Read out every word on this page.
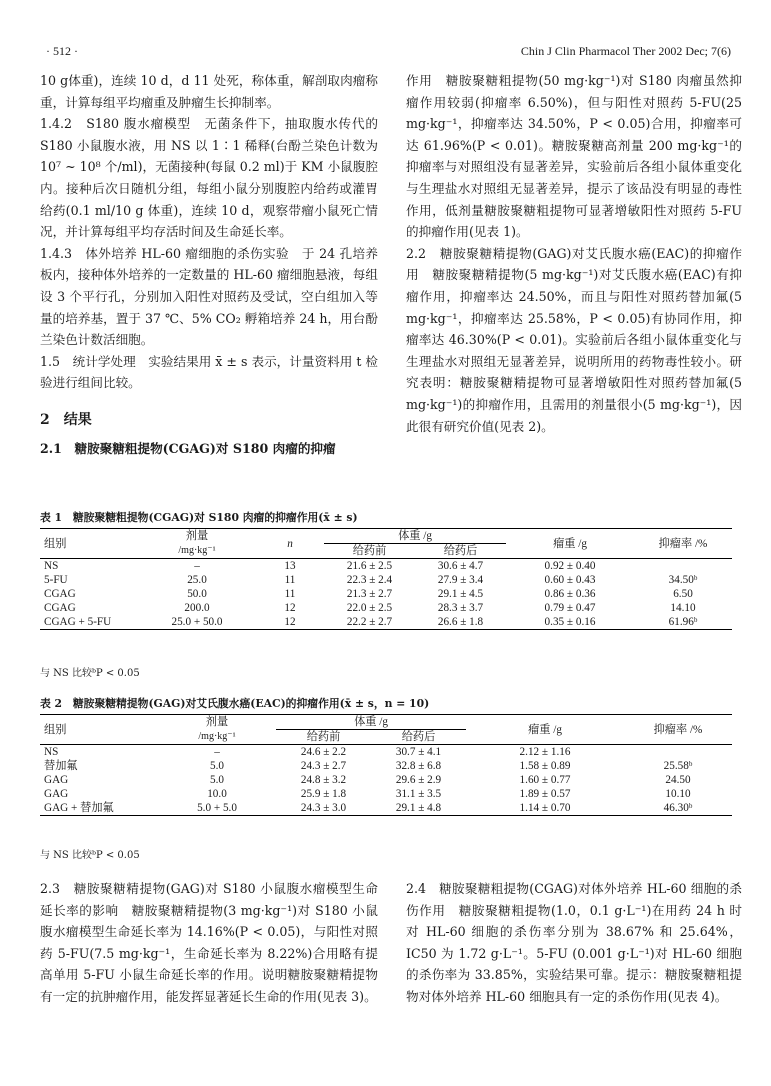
· 512 ·	Chin J Clin Pharmacol Ther 2002 Dec; 7(6)

10 g体重)，连续 10 d，d 11 处死，称体重，解剖取肉瘤称重，计算每组平均瘤重及肿瘤生长抑制率。

1.4.2　S180 腹水瘤模型　无菌条件下，抽取腹水传代的 S180 小鼠腹水液，用 NS 以 1∶1 稀释(台酚兰染色计数为 10⁷ ~ 10⁸ 个/ml)，无菌接种(每鼠 0.2 ml)于 KM 小鼠腹腔内。接种后次日随机分组，每组小鼠分别腹腔内给药或灌胃给药(0.1 ml/10 g 体重)，连续 10 d，观察带瘤小鼠死亡情况，并计算每组平均存活时间及生命延长率。

1.4.3　体外培养 HL-60 瘤细胞的杀伤实验　于 24 孔培养板内，接种体外培养的一定数量的 HL-60 瘤细胞悬液，每组设 3 个平行孔，分别加入阳性对照药及受试，空白组加入等量的培养基，置于 37 ℃、5% CO₂ 孵箱培养 24 h，用台酚兰染色计数活细胞。

1.5　统计学处理　实验结果用 x̄ ± s 表示，计量资料用 t 检验进行组间比较。

2　结果

2.1　糖胺聚糖粗提物(CGAG)对 S180 肉瘤的抑瘤

作用　糖胺聚糖粗提物(50 mg·kg⁻¹)对 S180 肉瘤虽然抑瘤作用较弱(抑瘤率 6.50%)，但与阳性对照药 5-FU(25 mg·kg⁻¹，抑瘤率达 34.50%，P < 0.05)合用，抑瘤率可达 61.96%(P < 0.01)。糖胺聚糖高剂量 200 mg·kg⁻¹的抑瘤率与对照组没有显著差异，实验前后各组小鼠体重变化与生理盐水对照组无显著差异，提示了该品没有明显的毒性作用，低剂量糖胺聚糖粗提物可显著增敏阳性对照药 5-FU 的抑瘤作用(见表 1)。

2.2　糖胺聚糖精提物(GAG)对艾氏腹水癌(EAC)的抑瘤作用　糖胺聚糖精提物(5 mg·kg⁻¹)对艾氏腹水癌(EAC)有抑瘤作用，抑瘤率达 24.50%，而且与阳性对照药替加氟(5 mg·kg⁻¹，抑瘤率达 25.58%，P < 0.05)有协同作用，抑瘤率达 46.30%(P < 0.01)。实验前后各组小鼠体重变化与生理盐水对照组无显著差异，说明所用的药物毒性较小。研究表明：糖胺聚糖精提物可显著增敏阳性对照药替加氟(5 mg·kg⁻¹)的抑瘤作用，且需用的剂量很小(5 mg·kg⁻¹)，因此很有研究价值(见表 2)。

表 1　糖胺聚糖粗提物(CGAG)对 S180 肉瘤的抑瘤作用(x̄ ± s)
组别	剂量	n	体重 /g		瘤重 /g	抑瘤率 /%
	/mg·kg⁻¹		给药前	给药后		
NS	–	13	21.6 ± 2.5	30.6 ± 4.7	0.92 ± 0.40	
5-FU	25.0	11	22.3 ± 2.4	27.9 ± 3.4	0.60 ± 0.43	34.50ᵇ
CGAG	50.0	11	21.3 ± 2.7	29.1 ± 4.5	0.86 ± 0.36	6.50
CGAG	200.0	12	22.0 ± 2.5	28.3 ± 3.7	0.79 ± 0.47	14.10
CGAG + 5-FU	25.0 + 50.0	12	22.2 ± 2.7	26.6 ± 1.8	0.35 ± 0.16	61.96ᵇ
与 NS 比较ᵇP < 0.05
表 2　糖胺聚糖精提物(GAG)对艾氏腹水癌(EAC)的抑瘤作用(x̄ ± s，n = 10)
组别	剂量	体重 /g		瘤重 /g	抑瘤率 /%
	/mg·kg⁻¹	给药前	给药后		
NS	–	24.6 ± 2.2	30.7 ± 4.1	2.12 ± 1.16	
替加氟	5.0	24.3 ± 2.7	32.8 ± 6.8	1.58 ± 0.89	25.58ᵇ
GAG	5.0	24.8 ± 3.2	29.6 ± 2.9	1.60 ± 0.77	24.50
GAG	10.0	25.9 ± 1.8	31.1 ± 3.5	1.89 ± 0.57	10.10
GAG + 替加氟	5.0 + 5.0	24.3 ± 3.0	29.1 ± 4.8	1.14 ± 0.70	46.30ᵇ
与 NS 比较ᵇP < 0.05

2.3　糖胺聚糖精提物(GAG)对 S180 小鼠腹水瘤模型生命延长率的影响　糖胺聚糖精提物(3 mg·kg⁻¹)对 S180 小鼠腹水瘤模型生命延长率为 14.16%(P < 0.05)，与阳性对照药 5-FU(7.5 mg·kg⁻¹，生命延长率为 8.22%)合用略有提高单用 5-FU 小鼠生命延长率的作用。说明糖胺聚糖精提物有一定的抗肿瘤作用，能发挥显著延长生命的作用(见表 3)。

2.4　糖胺聚糖粗提物(CGAG)对体外培养 HL-60 细胞的杀伤作用　糖胺聚糖粗提物(1.0，0.1 g·L⁻¹)在用药 24 h 时对 HL-60 细胞的杀伤率分别为 38.67% 和 25.64%，IC50 为 1.72 g·L⁻¹。5-FU (0.001 g·L⁻¹)对 HL-60 细胞的杀伤率为 33.85%，实验结果可靠。提示：糖胺聚糖粗提物对体外培养 HL-60 细胞具有一定的杀伤作用(见表 4)。
